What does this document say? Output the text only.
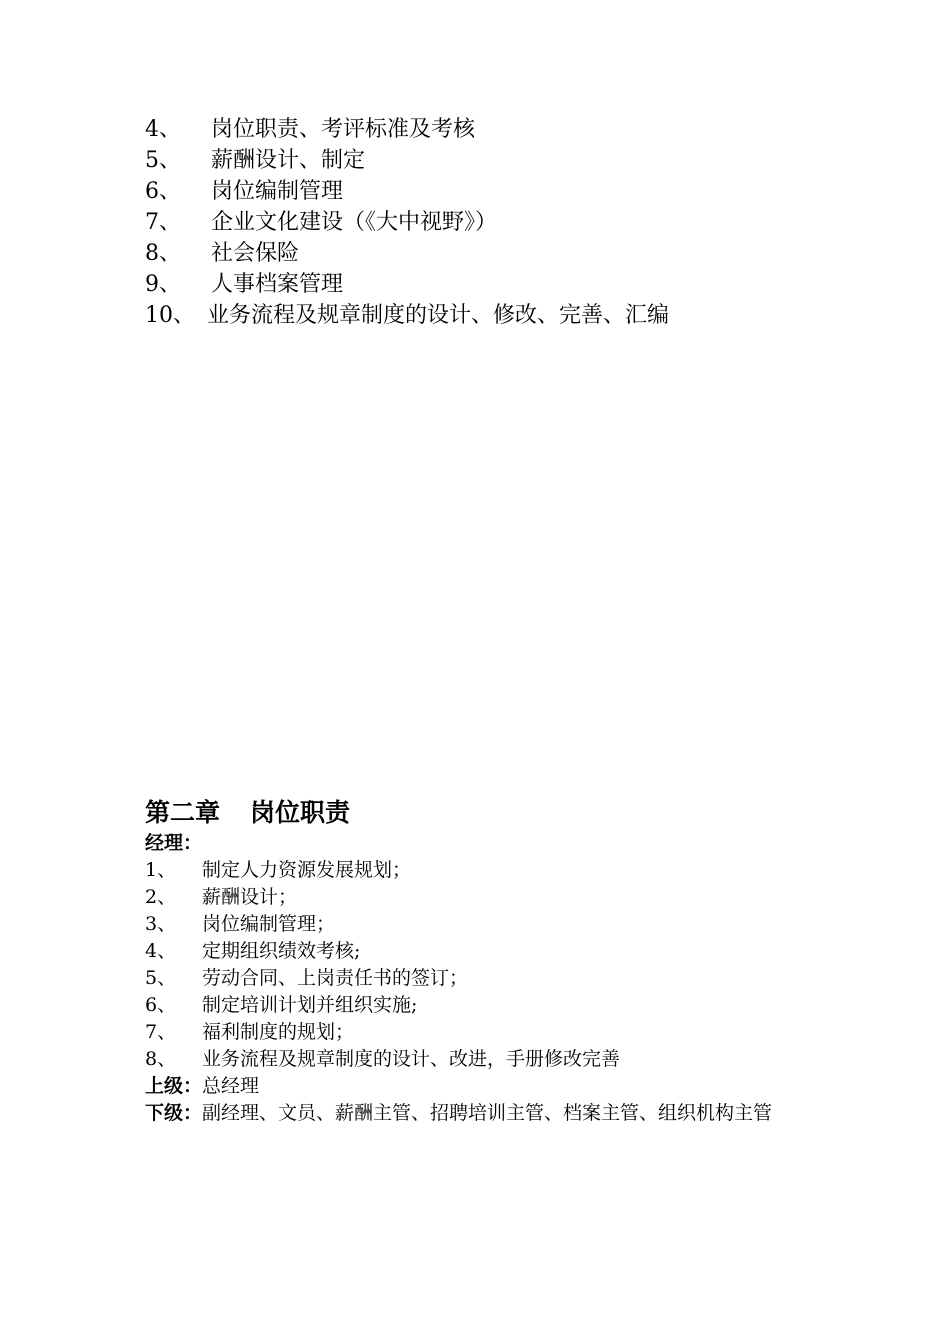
4、	岗位职责、考评标准及考核
5、	薪酬设计、制定
6、	岗位编制管理
7、	企业文化建设（《大中视野》）
8、	社会保险
9、	人事档案管理
10、 业务流程及规章制度的设计、修改、完善、汇编
第二章 岗位职责
经理：
1、	制定人力资源发展规划；
2、	薪酬设计；
3、	岗位编制管理；
4、	定期组织绩效考核;
5、	劳动合同、上岗责任书的签订；
6、	制定培训计划并组织实施;
7、	福利制度的规划；
8、	业务流程及规章制度的设计、改进，手册修改完善
上级：总经理
下级：副经理、文员、薪酬主管、招聘培训主管、档案主管、组织机构主管
